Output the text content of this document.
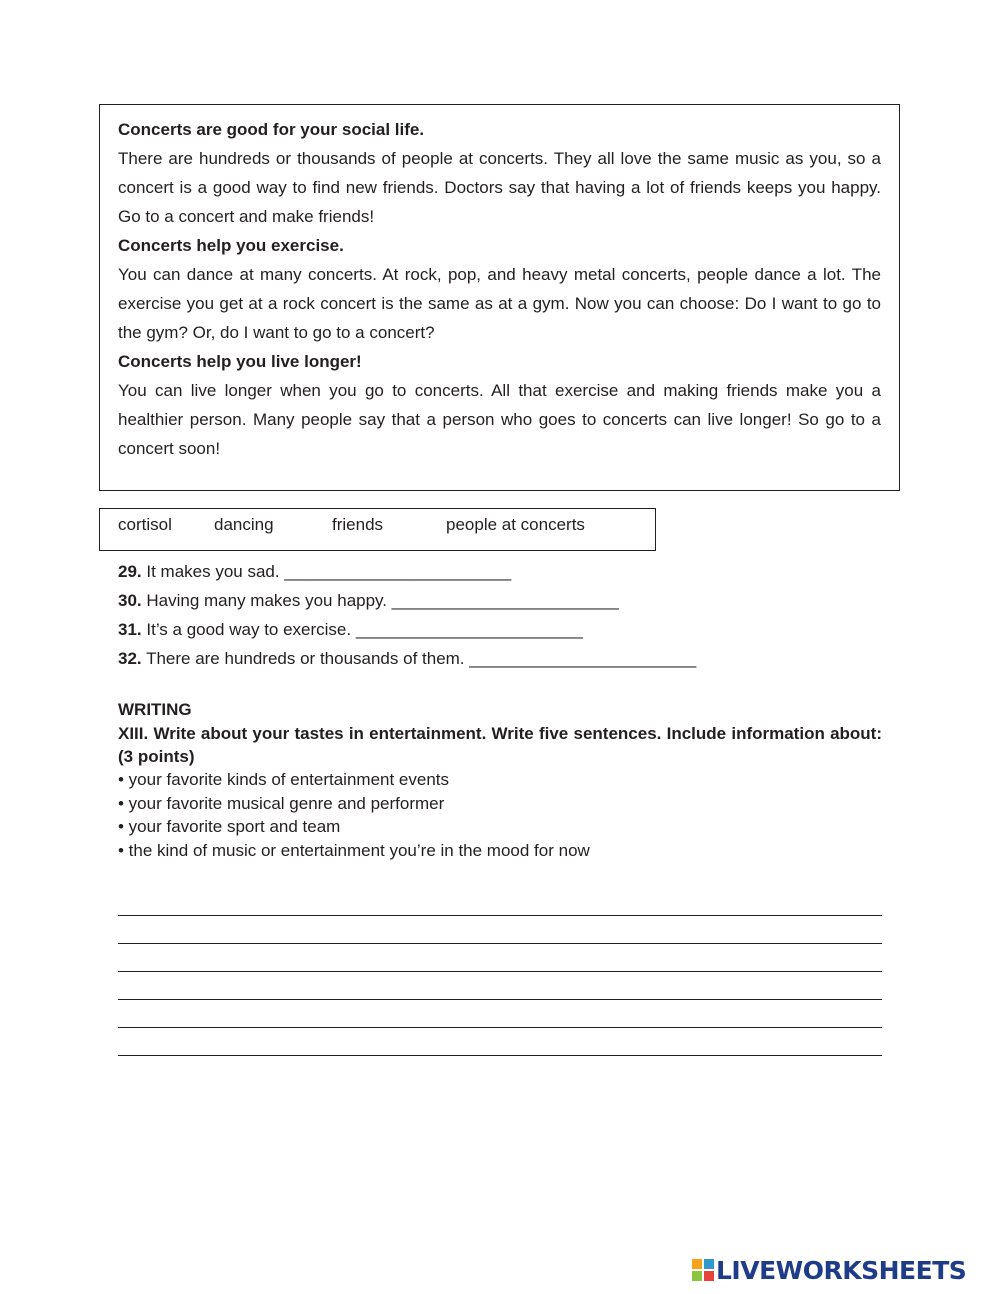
Concerts are good for your social life.

There are hundreds or thousands of people at concerts. They all love the same music as you, so a concert is a good way to find new friends. Doctors say that having a lot of friends keeps you happy. Go to a concert and make friends!

Concerts help you exercise.

You can dance at many concerts. At rock, pop, and heavy metal concerts, people dance a lot. The exercise you get at a rock concert is the same as at a gym. Now you can choose: Do I want to go to the gym? Or, do I want to go to a concert?

Concerts help you live longer!

You can live longer when you go to concerts. All that exercise and making friends make you a healthier person. Many people say that a person who goes to concerts can live longer! So go to a concert soon!

cortisol dancing	friends	people at concerts
29. It makes you sad. ________________________
30. Having many makes you happy. ________________________
31. It’s a good way to exercise. ________________________
32. There are hundreds or thousands of them. ________________________
WRITING
XIII. Write about your tastes in entertainment. Write five sentences. Include information about: (3 points)
• your favorite kinds of entertainment events
• your favorite musical genre and performer
• your favorite sport and team
• the kind of music or entertainment you’re in the mood for now
LIVEWORKSHEETS
